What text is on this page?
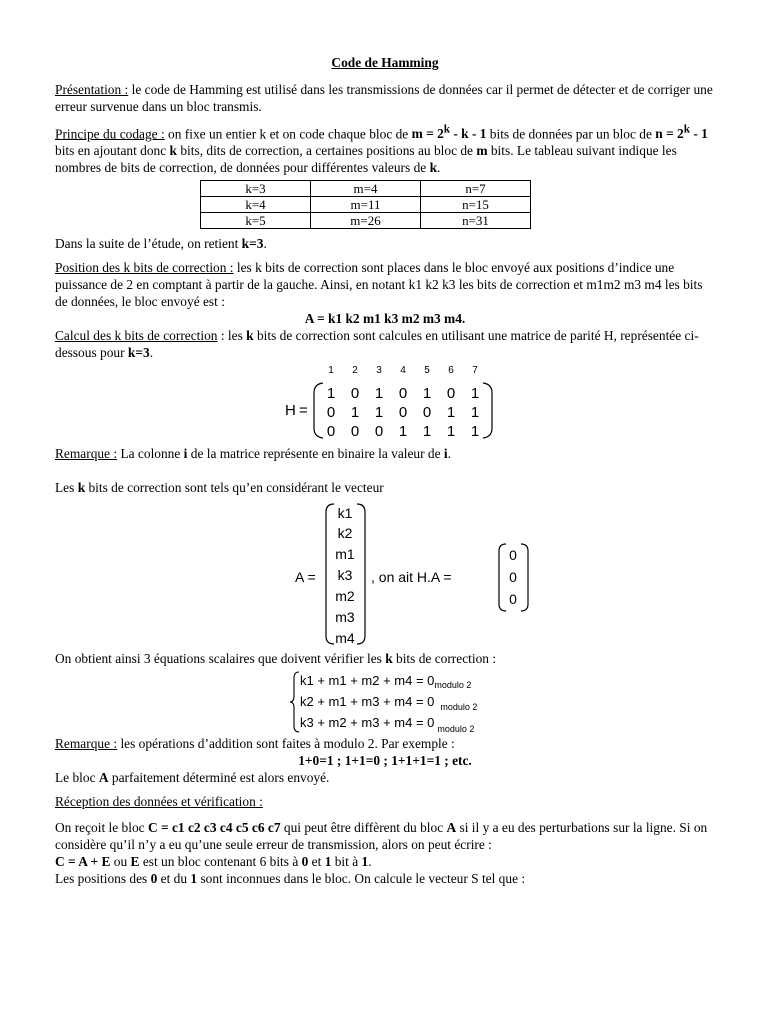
Code de Hamming

Présentation : le code de Hamming est utilisé dans les transmissions de données car il permet de détecter et de corriger une erreur survenue dans un bloc transmis.

Principe du codage : on fixe un entier k et on code chaque bloc de $m = 2^k - k - 1$ bits de données par un bloc de $n = 2^k - 1$ bits en ajoutant donc k bits, dits de correction, a certaines positions au bloc de m bits. Le tableau suivant indique les nombres de bits de correction, de données pour différentes valeurs de k.

k=3	m=4	n=7
k=4	m=11	n=15
k=5	m=26	n=31

Dans la suite de l’étude, on retient k=3.

Position des k bits de correction : les k bits de correction sont places dans le bloc envoyé aux positions d’indice une puissance de 2 en comptant à partir de la gauche. Ainsi, en notant k1 k2 k3 les bits de correction et m1m2 m3 m4 les bits de données, le bloc envoyé est :

A = k1 k2 m1 k3 m2 m3 m4.

Calcul des k bits de correction : les k bits de correction sont calcules en utilisant une matrice de parité H, représentée ci-dessous pour k=3.

1 2 3 4 5 6 7
H =
1 0 1 0 1 0 1
0 1 1 0 0 1 1
0 0 0 1 1 1 1

Remarque : La colonne i de la matrice représente en binaire la valeur de i.

Les k bits de correction sont tels qu’en considérant le vecteur

A =	, on ait H.A =
k1
k2
m1
k3
m2
m3
m4
0
0
0

On obtient ainsi 3 équations scalaires que doivent vérifier les k bits de correction :

$k1 + m1 + m2 + m4 = 0_{modulo 2}$
k2 + m1 + m3 + m4 = 0 $_{modulo 2}$
k3 + m2 + m3 + m4 = 0 $_{modulo 2}$

Remarque : les opérations d’addition sont faites à modulo 2. Par exemple :

1+0=1 ; 1+1=0 ; 1+1+1=1 ; etc.

Le bloc A parfaitement déterminé est alors envoyé.

Réception des données et vérification :

On reçoit le bloc C = c1 c2 c3 c4 c5 c6 c7 qui peut être diffèrent du bloc A si il y a eu des perturbations sur la ligne. Si on considère qu’il n’y a eu qu’une seule erreur de transmission, alors on peut écrire :
C = A + E ou E est un bloc contenant 6 bits à 0 et 1 bit à 1.
Les positions des 0 et du 1 sont inconnues dans le bloc. On calcule le vecteur S tel que :
